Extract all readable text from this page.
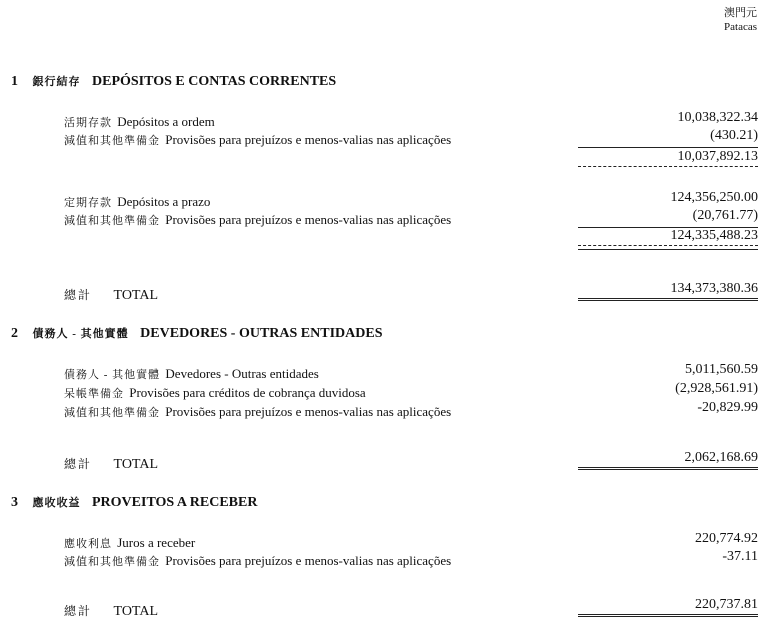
澳門元
Patacas
1 銀行結存 DEPÓSITOS E CONTAS CORRENTES
活期存款 Depósitos a ordem	10,038,322.34
減值和其他準備金 Provisões para prejuízos e menos-valias nas aplicações	(430.21)
10,037,892.13
定期存款 Depósitos a prazo	124,356,250.00
減值和其他準備金 Provisões para prejuízos e menos-valias nas aplicações	(20,761.77)
124,335,488.23
總計 TOTAL	134,373,380.36
2 債務人 - 其他實體 DEVEDORES - OUTRAS ENTIDADES
債務人 - 其他實體 Devedores - Outras entidades	5,011,560.59
呆帳準備金 Provisões para créditos de cobrança duvidosa	(2,928,561.91)
減值和其他準備金 Provisões para prejuízos e menos-valias nas aplicações	-20,829.99
總計 TOTAL	2,062,168.69
3 應收收益 PROVEITOS A RECEBER
應收利息 Juros a receber	220,774.92
減值和其他準備金 Provisões para prejuízos e menos-valias nas aplicações	-37.11
總計 TOTAL	220,737.81
